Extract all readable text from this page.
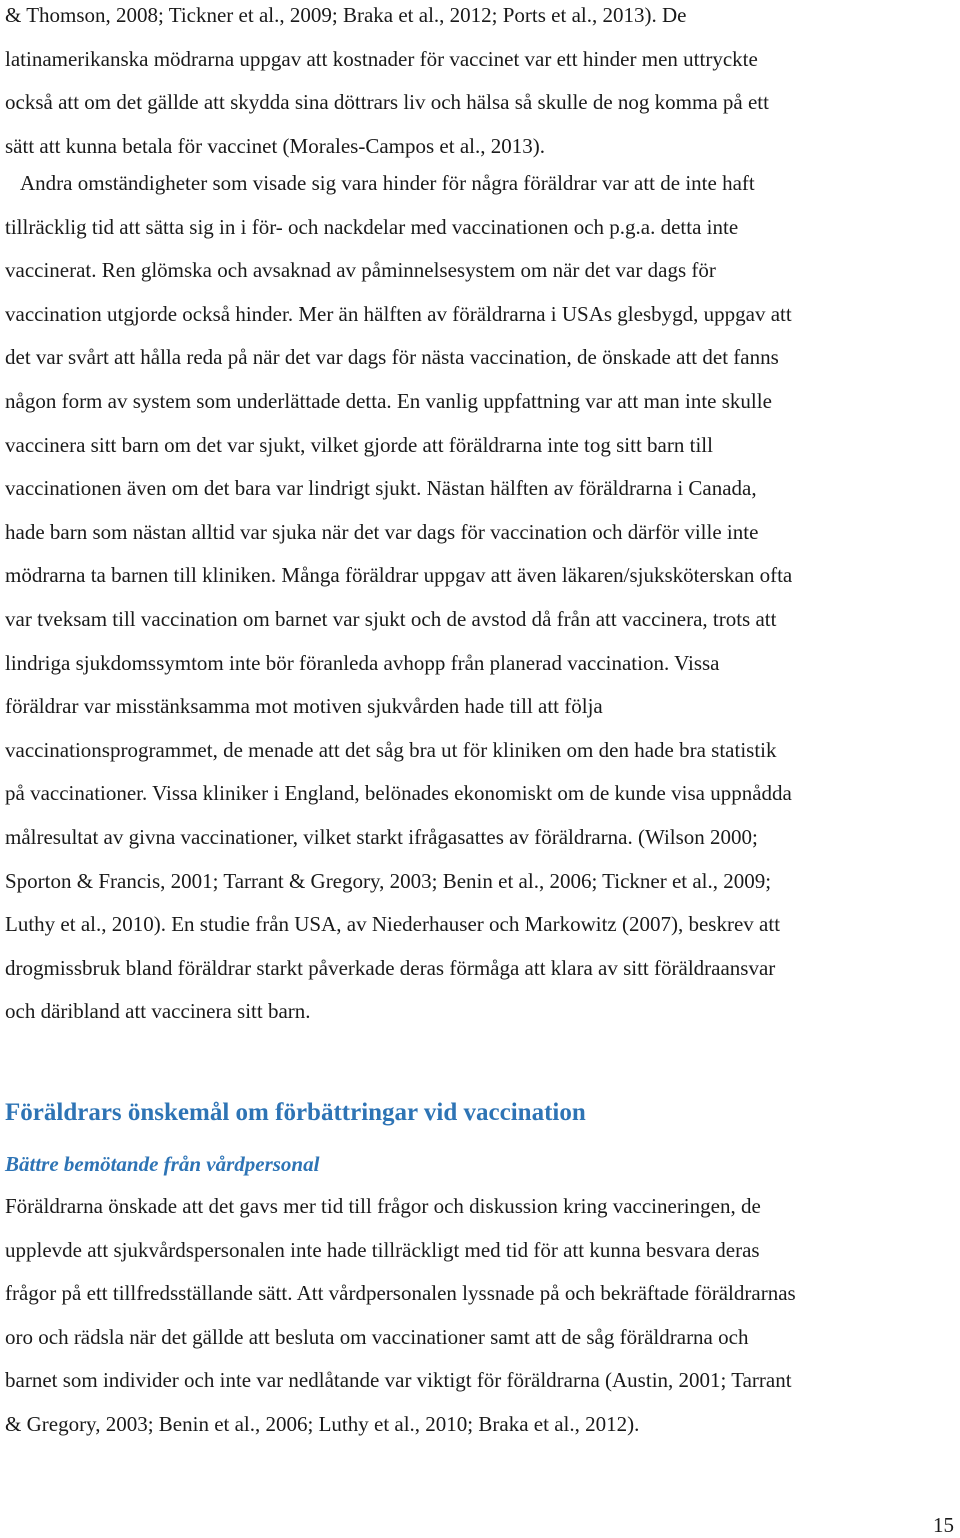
& Thomson, 2008; Tickner et al., 2009; Braka et al., 2012; Ports et al., 2013). De
latinamerikanska mödrarna uppgav att kostnader för vaccinet var ett hinder men uttryckte
också att om det gällde att skydda sina döttrars liv och hälsa så skulle de nog komma på ett
sätt att kunna betala för vaccinet (Morales-Campos et al., 2013).

Andra omständigheter som visade sig vara hinder för några föräldrar var att de inte haft
tillräcklig tid att sätta sig in i för- och nackdelar med vaccinationen och p.g.a. detta inte
vaccinerat. Ren glömska och avsaknad av påminnelsesystem om när det var dags för
vaccination utgjorde också hinder. Mer än hälften av föräldrarna i USAs glesbygd, uppgav att
det var svårt att hålla reda på när det var dags för nästa vaccination, de önskade att det fanns
någon form av system som underlättade detta. En vanlig uppfattning var att man inte skulle
vaccinera sitt barn om det var sjukt, vilket gjorde att föräldrarna inte tog sitt barn till
vaccinationen även om det bara var lindrigt sjukt. Nästan hälften av föräldrarna i Canada,
hade barn som nästan alltid var sjuka när det var dags för vaccination och därför ville inte
mödrarna ta barnen till kliniken. Många föräldrar uppgav att även läkaren/sjuksköterskan ofta
var tveksam till vaccination om barnet var sjukt och de avstod då från att vaccinera, trots att
lindriga sjukdomssymtom inte bör föranleda avhopp från planerad vaccination. Vissa
föräldrar var misstänksamma mot motiven sjukvården hade till att följa
vaccinationsprogrammet, de menade att det såg bra ut för kliniken om den hade bra statistik
på vaccinationer. Vissa kliniker i England, belönades ekonomiskt om de kunde visa uppnådda
målresultat av givna vaccinationer, vilket starkt ifrågasattes av föräldrarna. (Wilson 2000;
Sporton & Francis, 2001; Tarrant & Gregory, 2003; Benin et al., 2006; Tickner et al., 2009;
Luthy et al., 2010). En studie från USA, av Niederhauser och Markowitz (2007), beskrev att
drogmissbruk bland föräldrar starkt påverkade deras förmåga att klara av sitt föräldraansvar
och däribland att vaccinera sitt barn.

Föräldrars önskemål om förbättringar vid vaccination
Bättre bemötande från vårdpersonal

Föräldrarna önskade att det gavs mer tid till frågor och diskussion kring vaccineringen, de
upplevde att sjukvårdspersonalen inte hade tillräckligt med tid för att kunna besvara deras
frågor på ett tillfredsställande sätt. Att vårdpersonalen lyssnade på och bekräftade föräldrarnas
oro och rädsla när det gällde att besluta om vaccinationer samt att de såg föräldrarna och
barnet som individer och inte var nedlåtande var viktigt för föräldrarna (Austin, 2001; Tarrant
& Gregory, 2003; Benin et al., 2006; Luthy et al., 2010; Braka et al., 2012).

15
